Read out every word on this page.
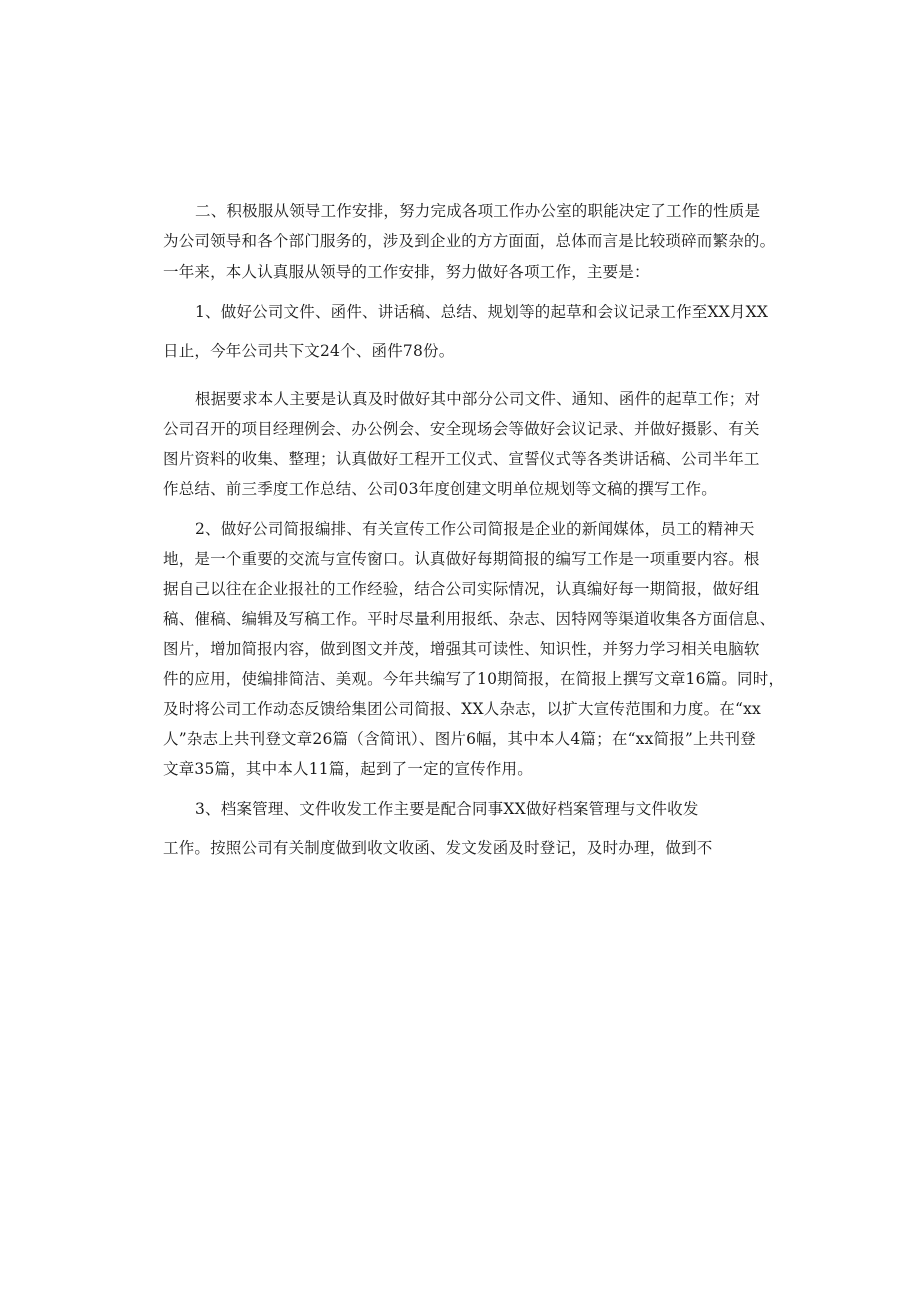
二、积极服从领导工作安排，努力完成各项工作办公室的职能决定了工作的性质是
为公司领导和各个部门服务的，涉及到企业的方方面面，总体而言是比较琐碎而繁杂的。
一年来，本人认真服从领导的工作安排，努力做好各项工作，主要是：
1、做好公司文件、函件、讲话稿、总结、规划等的起草和会议记录工作至XX月XX
日止，今年公司共下文24个、函件78份。
根据要求本人主要是认真及时做好其中部分公司文件、通知、函件的起草工作；对
公司召开的项目经理例会、办公例会、安全现场会等做好会议记录、并做好摄影、有关
图片资料的收集、整理；认真做好工程开工仪式、宣誓仪式等各类讲话稿、公司半年工
作总结、前三季度工作总结、公司03年度创建文明单位规划等文稿的撰写工作。
2、做好公司简报编排、有关宣传工作公司简报是企业的新闻媒体，员工的精神天
地，是一个重要的交流与宣传窗口。认真做好每期简报的编写工作是一项重要内容。根
据自己以往在企业报社的工作经验，结合公司实际情况，认真编好每一期简报，做好组
稿、催稿、编辑及写稿工作。平时尽量利用报纸、杂志、因特网等渠道收集各方面信息、
图片，增加简报内容，做到图文并茂，增强其可读性、知识性，并努力学习相关电脑软
件的应用，使编排简洁、美观。今年共编写了10期简报，在简报上撰写文章16篇。同时，
及时将公司工作动态反馈给集团公司简报、XX人杂志，以扩大宣传范围和力度。在“xx
人”杂志上共刊登文章26篇（含简讯）、图片6幅，其中本人4篇；在“xx简报”上共刊登
文章35篇，其中本人11篇，起到了一定的宣传作用。
3、档案管理、文件收发工作主要是配合同事XX做好档案管理与文件收发
工作。按照公司有关制度做到收文收函、发文发函及时登记，及时办理，做到不
